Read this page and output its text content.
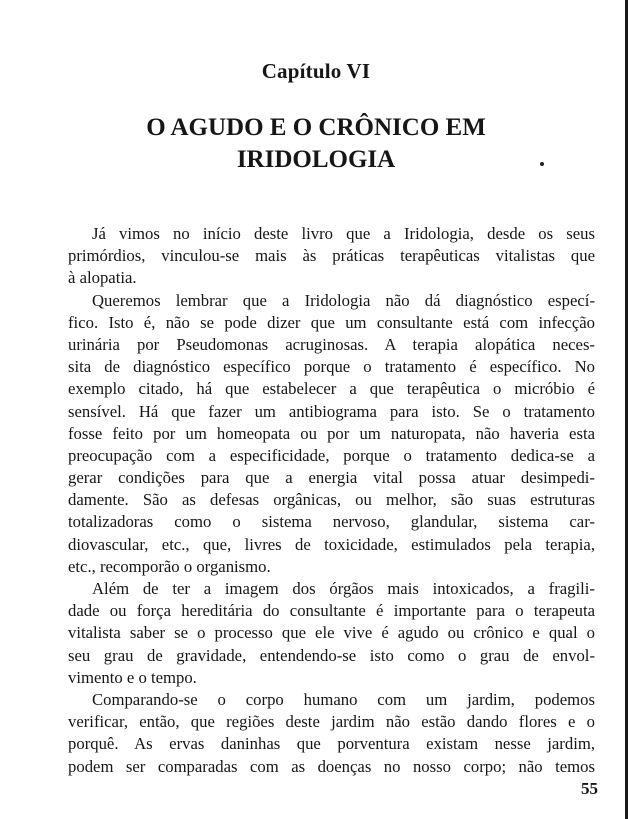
Capítulo VI
O AGUDO E O CRÔNICO EM
IRIDOLOGIA
Já vimos no início deste livro que a Iridologia, desde os seus
primórdios, vinculou-se mais às práticas terapêuticas vitalistas que
à alopatia.
Queremos lembrar que a Iridologia não dá diagnóstico especí-
fico. Isto é, não se pode dizer que um consultante está com infecção
urinária por Pseudomonas acruginosas. A terapia alopática neces-
sita de diagnóstico específico porque o tratamento é específico. No
exemplo citado, há que estabelecer a que terapêutica o micróbio é
sensível. Há que fazer um antibiograma para isto. Se o tratamento
fosse feito por um homeopata ou por um naturopata, não haveria esta
preocupação com a especificidade, porque o tratamento dedica-se a
gerar condições para que a energia vital possa atuar desimpedi-
damente. São as defesas orgânicas, ou melhor, são suas estruturas
totalizadoras como o sistema nervoso, glandular, sistema car-
diovascular, etc., que, livres de toxicidade, estimulados pela terapia,
etc., recomporão o organismo.
Além de ter a imagem dos órgãos mais intoxicados, a fragili-
dade ou força hereditária do consultante é importante para o terapeuta
vitalista saber se o processo que ele vive é agudo ou crônico e qual o
seu grau de gravidade, entendendo-se isto como o grau de envol-
vimento e o tempo.
Comparando-se o corpo humano com um jardim, podemos
verificar, então, que regiões deste jardim não estão dando flores e o
porquê. As ervas daninhas que porventura existam nesse jardim,
podem ser comparadas com as doenças no nosso corpo; não temos
55
